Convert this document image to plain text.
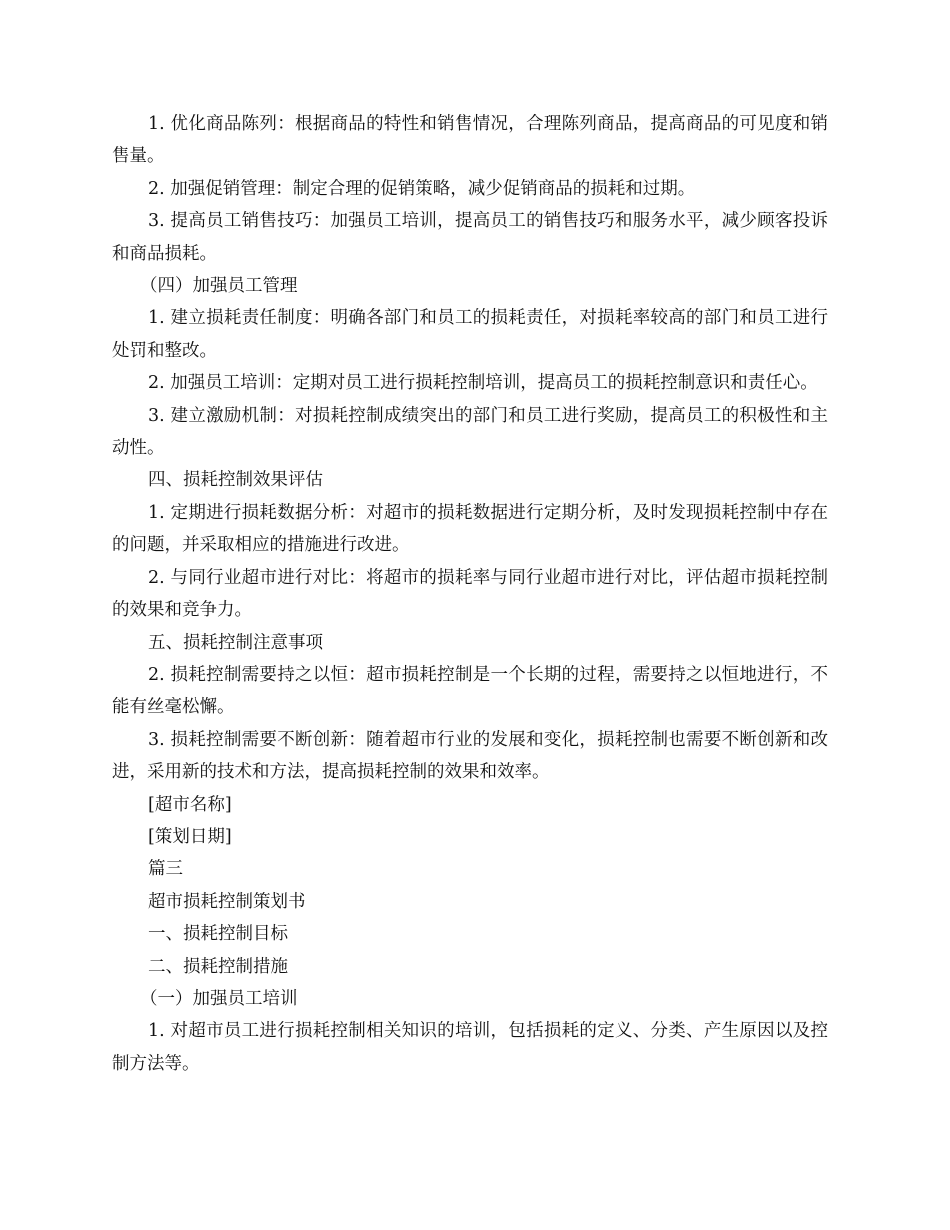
1. 优化商品陈列：根据商品的特性和销售情况，合理陈列商品，提高商品的可见度和销售量。

2. 加强促销管理：制定合理的促销策略，减少促销商品的损耗和过期。

3. 提高员工销售技巧：加强员工培训，提高员工的销售技巧和服务水平，减少顾客投诉和商品损耗。

（四）加强员工管理

1. 建立损耗责任制度：明确各部门和员工的损耗责任，对损耗率较高的部门和员工进行处罚和整改。

2. 加强员工培训：定期对员工进行损耗控制培训，提高员工的损耗控制意识和责任心。

3. 建立激励机制：对损耗控制成绩突出的部门和员工进行奖励，提高员工的积极性和主动性。

四、损耗控制效果评估

1. 定期进行损耗数据分析：对超市的损耗数据进行定期分析，及时发现损耗控制中存在的问题，并采取相应的措施进行改进。

2. 与同行业超市进行对比：将超市的损耗率与同行业超市进行对比，评估超市损耗控制的效果和竞争力。

五、损耗控制注意事项

2. 损耗控制需要持之以恒：超市损耗控制是一个长期的过程，需要持之以恒地进行，不能有丝毫松懈。

3. 损耗控制需要不断创新：随着超市行业的发展和变化，损耗控制也需要不断创新和改进，采用新的技术和方法，提高损耗控制的效果和效率。

[超市名称]

[策划日期]

篇三

超市损耗控制策划书

一、损耗控制目标

二、损耗控制措施

（一）加强员工培训

1. 对超市员工进行损耗控制相关知识的培训，包括损耗的定义、分类、产生原因以及控制方法等。
